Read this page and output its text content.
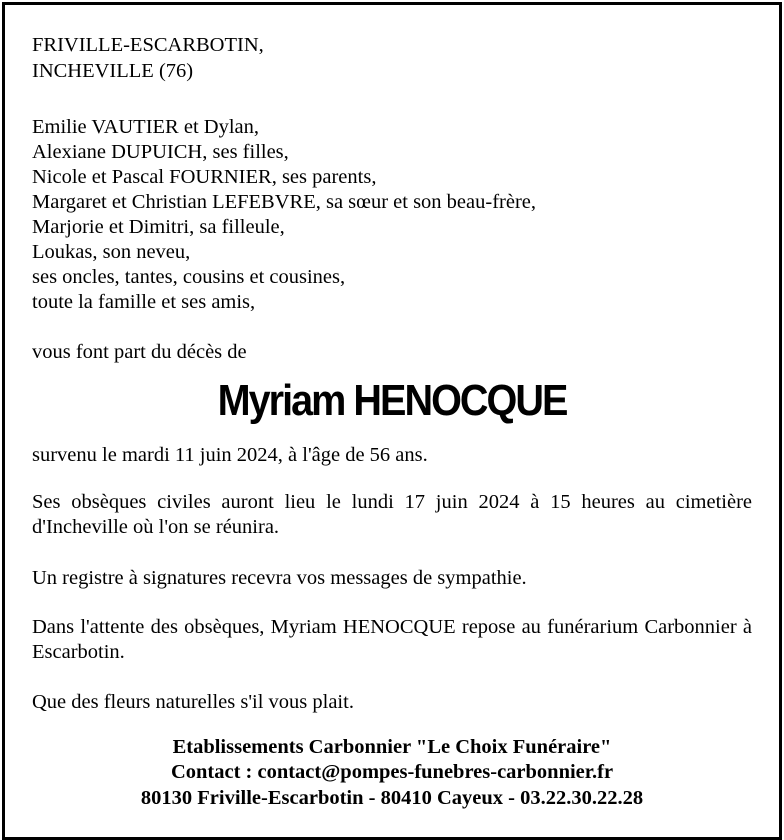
FRIVILLE-ESCARBOTIN,
INCHEVILLE (76)
Emilie VAUTIER et Dylan,
Alexiane DUPUICH, ses filles,
Nicole et Pascal FOURNIER, ses parents,
Margaret et Christian LEFEBVRE, sa sœur et son beau-frère,
Marjorie et Dimitri, sa filleule,
Loukas, son neveu,
ses oncles, tantes, cousins et cousines,
toute la famille et ses amis,
vous font part du décès de
Myriam HENOCQUE
survenu le mardi 11 juin 2024, à l'âge de 56 ans.
Ses obsèques civiles auront lieu le lundi 17 juin 2024 à 15 heures au cimetière d'Incheville où l'on se réunira.
Un registre à signatures recevra vos messages de sympathie.
Dans l'attente des obsèques, Myriam HENOCQUE repose au funérarium Carbonnier à Escarbotin.
Que des fleurs naturelles s'il vous plait.
Etablissements Carbonnier "Le Choix Funéraire"
Contact : contact@pompes-funebres-carbonnier.fr
80130 Friville-Escarbotin - 80410 Cayeux - 03.22.30.22.28
